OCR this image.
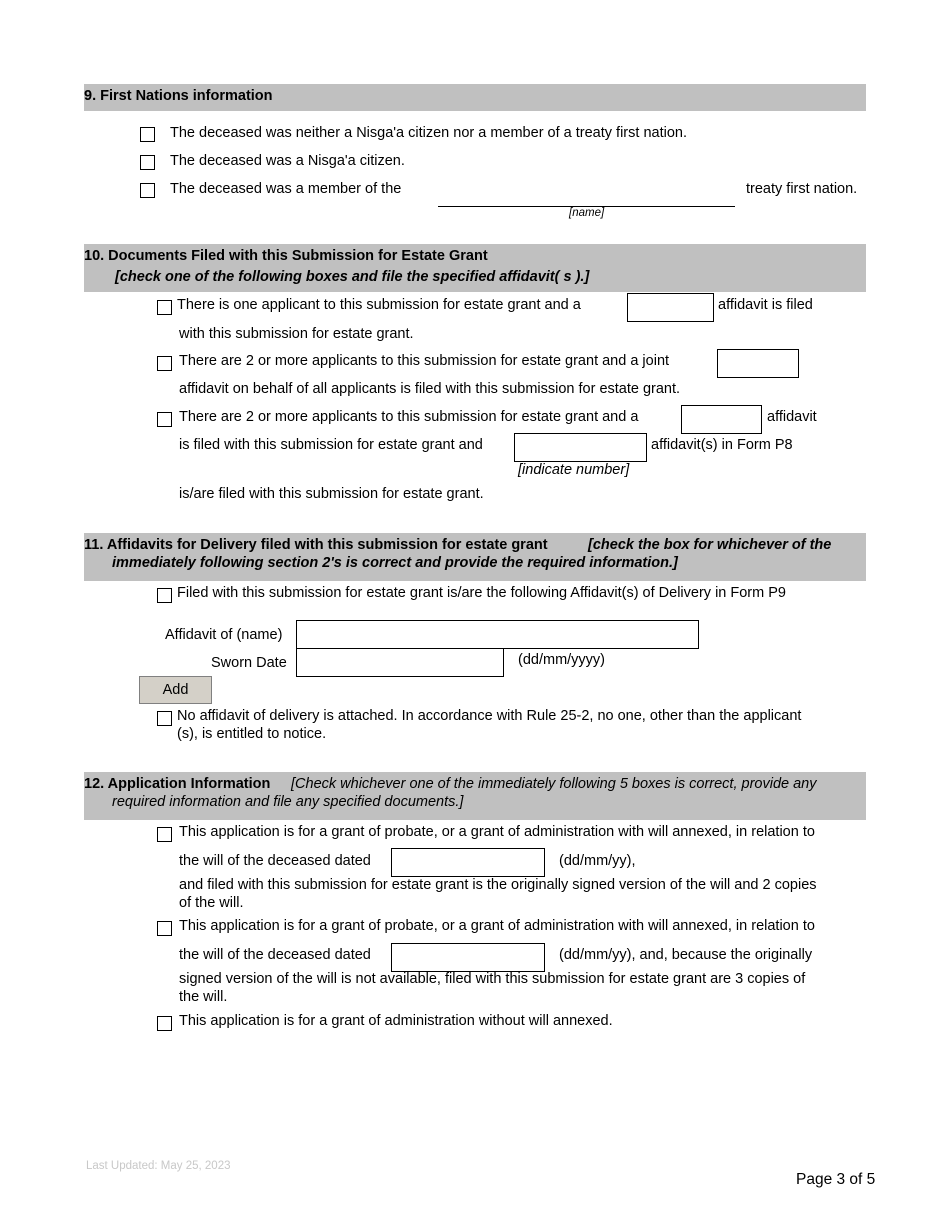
9. First Nations information
The deceased was neither a Nisga'a citizen nor a member of a treaty first nation.
The deceased was a Nisga'a citizen.
The deceased was a member of the	treaty first nation.
[name]
10. Documents Filed with this Submission for Estate Grant
[check one of the following boxes and file the specified affidavit( s ).]
There is one applicant to this submission for estate grant and a	affidavit is filed
with this submission for estate grant.
There are 2 or more applicants to this submission for estate grant and a joint
affidavit on behalf of all applicants is filed with this submission for estate grant.
There are 2 or more applicants to this submission for estate grant and a	affidavit
is filed with this submission for estate grant and	affidavit(s) in Form P8
[indicate number]
is/are filed with this submission for estate grant.
11. Affidavits for Delivery filed with this submission for estate grant	[check the box for whichever of the
immediately following section 2's is correct and provide the required information.]
Filed with this submission for estate grant is/are the following Affidavit(s) of Delivery in Form P9
Affidavit of (name)
Sworn Date	(dd/mm/yyyy)
Add
No affidavit of delivery is attached. In accordance with Rule 25-2, no one, other than the applicant
(s), is entitled to notice.
12. Application Information [Check whichever one of the immediately following 5 boxes is correct, provide any
required information and file any specified documents.]
This application is for a grant of probate, or a grant of administration with will annexed, in relation to
the will of the deceased dated	(dd/mm/yy),
and filed with this submission for estate grant is the originally signed version of the will and 2 copies
of the will.
This application is for a grant of probate, or a grant of administration with will annexed, in relation to
the will of the deceased dated	(dd/mm/yy), and, because the originally
signed version of the will is not available, filed with this submission for estate grant are 3 copies of
the will.
This application is for a grant of administration without will annexed.
Last Updated: May 25, 2023
Page 3 of 5
